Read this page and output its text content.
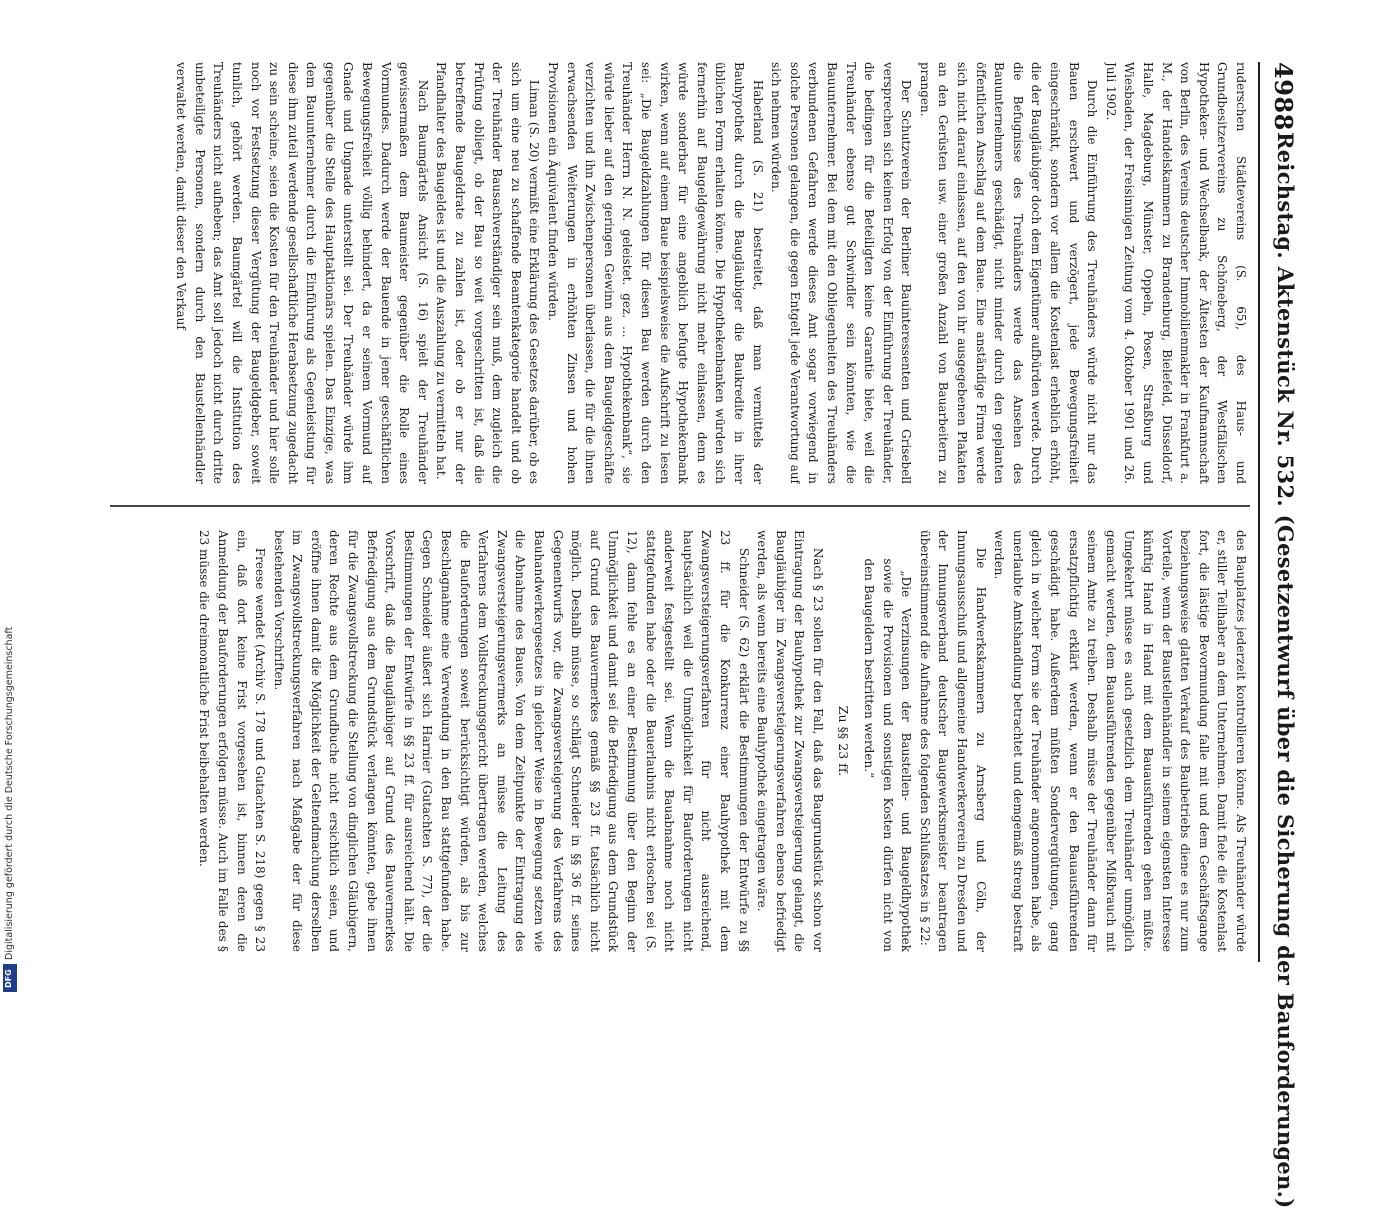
4988
Reichstag. Aktenstück Nr. 532. (Gesetzentwurf über die Sicherung der Bauforderungen.)

ruderschen Städtevereins (S. 65), des Haus- und Grundbesitzervereins zu Schöneberg, der Westfälischen Hypotheken- und Wechselbank, der Ältesten der Kaufmannschaft von Berlin, des Vereins deutscher Immobilienmakler in Frankfurt a. M., der Handelskammern zu Brandenburg, Bielefeld, Düsseldorf, Halle, Magdeburg, Münster, Oppeln, Posen, Straßburg und Wiesbaden, der Freisinnigen Zeitung vom 4. Oktober 1901 und 26. Juli 1902.

Durch die Einführung des Treuhänders würde nicht nur das Bauen erschwert und verzögert, jede Bewegungsfreiheit eingeschränkt, sondern vor allem die Kostenlast erheblich erhöht, die der Baugläubiger doch dem Eigentümer aufbürden werde. Durch die Befugnisse des Treuhänders werde das Ansehen des Bauunternehmers geschädigt, nicht minder durch den geplanten öffentlichen Anschlag auf dem Baue. Eine anständige Firma werde sich nicht darauf einlassen, auf den von ihr ausgegebenen Plakaten an den Gerüsten usw. einer großen Anzahl von Bauarbeitern zu prangen.

Der Schutzverein der Berliner Bauinteressenten und Grisebell versprechen sich keinen Erfolg von der Einführung der Treuhänder, die bedingen für die Beteiligten keine Garantie biete, weil die Treuhänder ebenso gut Schwindler sein könnten, wie die Bauunternehmer. Bei dem mit den Obliegenheiten des Treuhänders verbundenen Gefahren werde dieses Amt sogar vorwiegend in solche Personen gelangen, die gegen Entgelt jede Verantwortung auf sich nehmen würden.

Haberland (S. 21) bestreitet, daß man vermittels der Bauhypothek durch die Baugläubiger die Baukredite in ihrer üblichen Form erhalten könne. Die Hypothekenbanken würden sich fernerhin auf Baugeldgewährung nicht mehr einlassen, denn es würde sonderbar für eine angeblich befugte Hypothekenbank wirken, wenn auf einem Baue beispielsweise die Aufschrift zu lesen sei: „Die Baugeldzahlungen für diesen Bau werden durch den Treuhänder Herrn N. N. geleistet. gez. ... Hypothekenbank“, sie würde lieber auf den geringen Gewinn aus dem Baugeldgeschäfte verzichten und ihn Zwischenpersonen überlassen, die für die ihnen erwachsenden Weiterungen in erhöhten Zinsen und hohen Provisionen ein Äquivalent finden würden.

Liman (S. 20) vermißt eine Erklärung des Gesetzes darüber, ob es sich um eine neu zu schaffende Beamtenkategorie handelt und ob der Treuhänder Bausachverständiger sein muß, dem zugleich die Prüfung obliegt, ob der Bau so weit vorgeschritten ist, daß die betreffende Baugeldrate zu zahlen ist, oder ob er nur der Pfandhalter des Baugeldes ist und die Auszahlung zu vermitteln hat.

Nach Baumgärtels Ansicht (S. 16) spielt der Treuhänder gewissermaßen dem Baumeister gegenüber die Rolle eines Vormundes. Dadurch werde der Bauende in jener geschäftlichen Bewegungsfreiheit völlig behindert, da er seinem Vormund auf Gnade und Ungnade unterstellt sei. Der Treuhänder würde ihm gegenüber die Stelle des Hauptaktionärs spielen. Das Einzige, was dem Bauunternehmer durch die Einführung als Gegenleistung für diese ihm zuteil werdende gesellschaftliche Herabsetzung zugedacht zu sein scheine, seien die Kosten für den Treuhänder und hier solle noch vor Festsetzung dieser Vergütung der Baugeldgeber, soweit tunlich, gehört werden. Baumgärtel will die Institution des Treuhänders nicht aufheben; das Amt soll jedoch nicht durch dritte unbeteiligte Personen, sondern durch den Baustellenhändler verwaltet werden, damit dieser den Verkauf

des Bauplatzes jederzeit kontrollieren könne. Als Treuhänder würde er, stiller Teilhaber an dem Unternehmen. Damit fiele die Kostenlast fort, die lästige Bevormundung falle mit und dem Geschäftsgange beziehungsweise glatten Verkauf des Baubetriebs diene es nur zum Vorteile, wenn der Baustellenhändler in seinem eigensten Interesse künftig Hand in Hand mit dem Bauausführenden gehen müßte. Umgekehrt müsse es auch gesetzlich dem Treuhänder unmöglich gemacht werden, dem Bauausführenden gegenüber Mißbrauch mit seinem Amte zu treiben. Deshalb müsse der Treuhänder dann für ersatzpflichtig erklärt werden, wenn er den Bauausführenden geschädigt habe. Außerdem müßten Sondervergütungen, gang gleich in welcher Form sie der Treuhänder angenommen habe, als unerlaubte Amtshandlung betrachtet und demgemäß streng bestraft werden.

Die Handwerkskammern zu Arnsberg und Cöln, der Innungsausschuß und allgemeine Handwerkerverein zu Dresden und der Innungsverband deutscher Baugewerksmeister beantragen übereinstimmend die Aufnahme des folgenden Schlußsatzes in § 22:

„Die Verzinsungen der Baustellen- und Baugeldhypothek sowie die Provisionen und sonstigen Kosten dürfen nicht von den Baugeldern bestritten werden.“

Zu §§ 23 ff.

Nach § 23 sollen für den Fall, daß das Baugrundstück schon vor Eintragung der Bauhypothek zur Zwangsversteigerung gelangt, die Baugläubiger im Zwangsversteigerungsverfahren ebenso befriedigt werden, als wenn bereits eine Bauhypothek eingetragen wäre.

Schneider (S. 62) erklärt die Bestimmungen der Entwürfe zu §§ 23 ff. für die Konkurrenz einer Bauhypothek mit dem Zwangsversteigerungsverfahren für nicht ausreichend, hauptsächlich weil die Unmöglichkeit für Bauforderungen nicht anderweit festgestellt sei. Wenn die Bauabnahme noch nicht stattgefunden habe oder die Bauerlaubnis nicht erloschen sei (S. 12), dann fehle es an einer Bestimmung über den Beginn der Unmöglichkeit und damit sei die Befriedigung aus dem Grundstück auf Grund des Bauvermerkes gemäß §§ 23 ff. tatsächlich nicht möglich. Deshalb müsse, so schlägt Schneider in §§ 36 ff. seines Gegenentwurfs vor, die Zwangsversteigerung des Verfahrens des Bauhandwerkergesetzes in gleicher Weise in Bewegung setzen wie die Abnahme des Baues. Von dem Zeitpunkte der Eintragung des Zwangsversteigerungsvermerks an müsse die Leitung des Verfahrens dem Vollstreckungsgericht übertragen werden, welches die Bauforderungen soweit berücksichtigt würden, als bis zur Beschlagnahme eine Verwendung in den Bau stattgefunden habe. Gegen Schneider äußert sich Harnier (Gutachten S. 77), der die Bestimmungen der Entwürfe in §§ 23 ff. für ausreichend hält. Die Vorschrift, daß die Baugläubiger auf Grund des Bauvermerkes Befriedigung aus dem Grundstück verlangen könnten, gebe ihnen für die Zwangsvollstreckung die Stellung von dinglichen Gläubigern, deren Rechte aus dem Grundbuche nicht ersichtlich seien, und eröffne ihnen damit die Möglichkeit der Geltendmachung derselben im Zwangsvollstreckungsverfahren nach Maßgabe der für diese bestehenden Vorschriften.

Freese wendet (Archiv S. 178 und Gutachten S. 218) gegen § 23 ein, daß dort keine Frist vorgesehen ist, binnen deren die Anmeldung der Bauforderungen erfolgen müsse. Auch im Falle des § 23 müsse die dreimonatliche Frist beibehalten werden.

Digitalisierung gefördert durch die Deutsche Forschungsgemeinschaft
DFG
